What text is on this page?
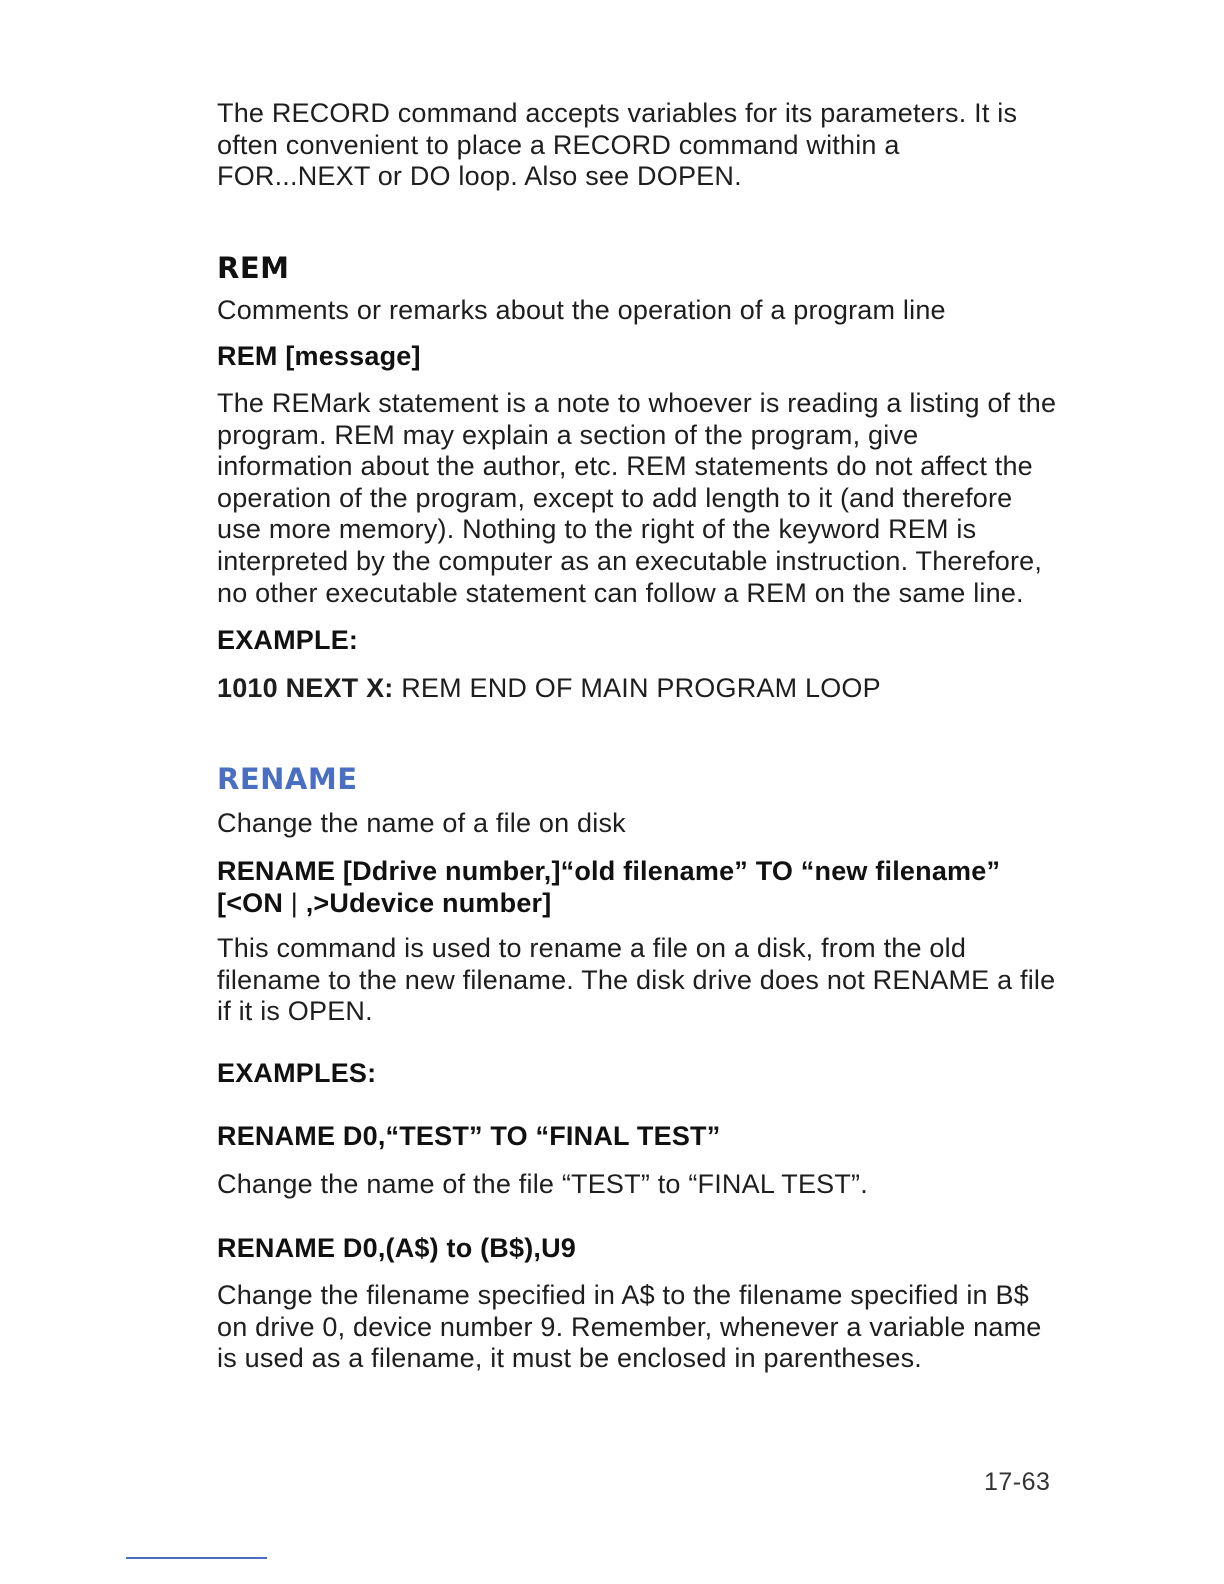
The RECORD command accepts variables for its parameters. It is often convenient to place a RECORD command within a FOR...NEXT or DO loop. Also see DOPEN.

REM

Comments or remarks about the operation of a program line

REM [message]

The REMark statement is a note to whoever is reading a listing of the program. REM may explain a section of the program, give information about the author, etc. REM statements do not affect the operation of the program, except to add length to it (and therefore use more memory). Nothing to the right of the keyword REM is interpreted by the computer as an executable instruction. Therefore, no other executable statement can follow a REM on the same line.

EXAMPLE:

1010 NEXT X: REM END OF MAIN PROGRAM LOOP

RENAME

Change the name of a file on disk

RENAME [Ddrive number,]“old filename” TO “new filename”

[<ON | ,>Udevice number]

This command is used to rename a file on a disk, from the old filename to the new filename. The disk drive does not RENAME a file if it is OPEN.

EXAMPLES:

RENAME D0,“TEST” TO “FINAL TEST”

Change the name of the file “TEST” to “FINAL TEST”.

RENAME D0,(A$) to (B$),U9

Change the filename specified in A$ to the filename specified in B$ on drive 0, device number 9. Remember, whenever a variable name is used as a filename, it must be enclosed in parentheses.

17-63
